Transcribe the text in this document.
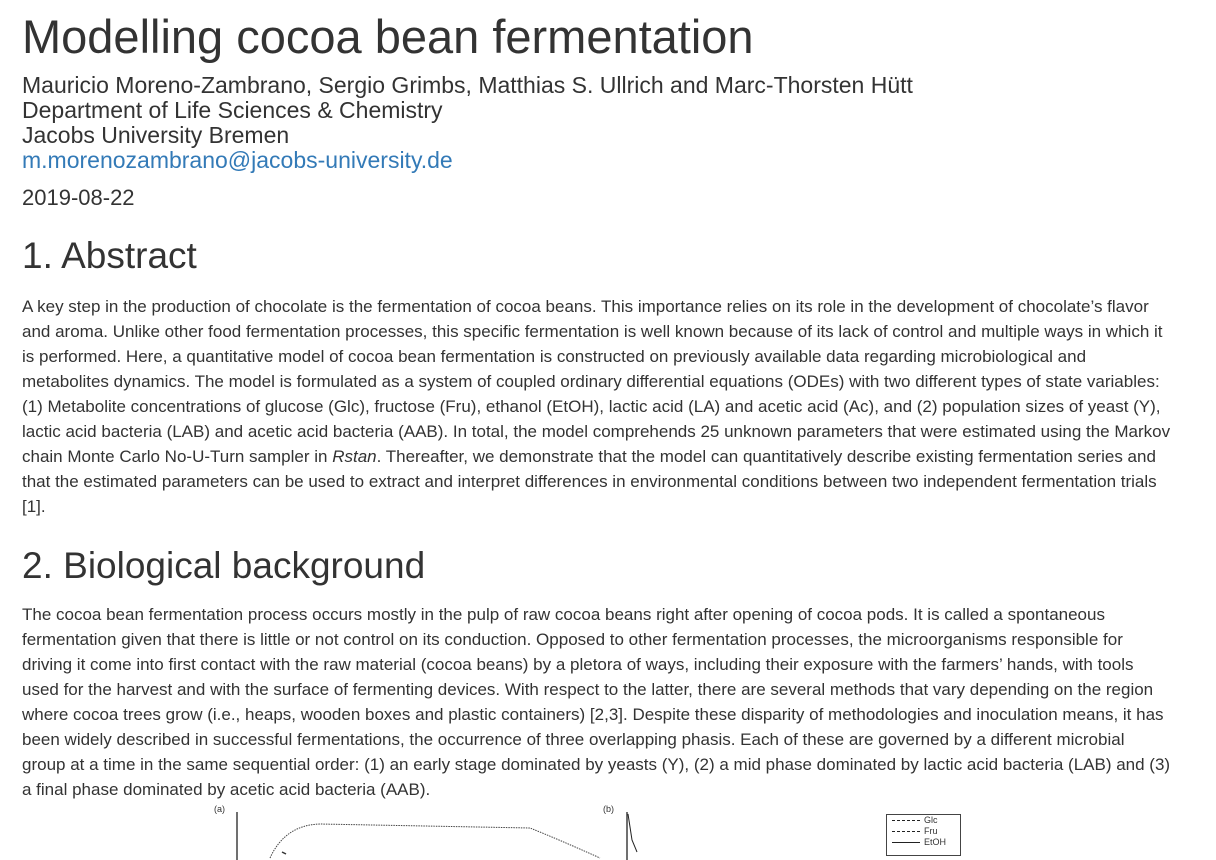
Modelling cocoa bean fermentation
Mauricio Moreno-Zambrano, Sergio Grimbs, Matthias S. Ullrich and Marc-Thorsten Hütt
Department of Life Sciences & Chemistry
Jacobs University Bremen
m.morenozambrano@jacobs-university.de
2019-08-22
1. Abstract

A key step in the production of chocolate is the fermentation of cocoa beans. This importance relies on its role in the development of chocolate’s flavor and aroma. Unlike other food fermentation processes, this specific fermentation is well known because of its lack of control and multiple ways in which it is performed. Here, a quantitative model of cocoa bean fermentation is constructed on previously available data regarding microbiological and metabolites dynamics. The model is formulated as a system of coupled ordinary differential equations (ODEs) with two different types of state variables: (1) Metabolite concentrations of glucose (Glc), fructose (Fru), ethanol (EtOH), lactic acid (LA) and acetic acid (Ac), and (2) population sizes of yeast (Y), lactic acid bacteria (LAB) and acetic acid bacteria (AAB). In total, the model comprehends 25 unknown parameters that were estimated using the Markov chain Monte Carlo No-U-Turn sampler in Rstan. Thereafter, we demonstrate that the model can quantitatively describe existing fermentation series and that the estimated parameters can be used to extract and interpret differences in environmental conditions between two independent fermentation trials [1].

2. Biological background

The cocoa bean fermentation process occurs mostly in the pulp of raw cocoa beans right after opening of cocoa pods. It is called a spontaneous fermentation given that there is little or not control on its conduction. Opposed to other fermentation processes, the microorganisms responsible for driving it come into first contact with the raw material (cocoa beans) by a pletora of ways, including their exposure with the farmers’ hands, with tools used for the harvest and with the surface of fermenting devices. With respect to the latter, there are several methods that vary depending on the region where cocoa trees grow (i.e., heaps, wooden boxes and plastic containers) [2,3]. Despite these disparity of methodologies and inoculation means, it has been widely described in successful fermentations, the occurrence of three overlapping phasis. Each of these are governed by a different microbial group at a time in the same sequential order: (1) an early stage dominated by yeasts (Y), (2) a mid phase dominated by lactic acid bacteria (LAB) and (3) a final phase dominated by acetic acid bacteria (AAB).

(a)	(b)
Glc
Fru
EtOH
